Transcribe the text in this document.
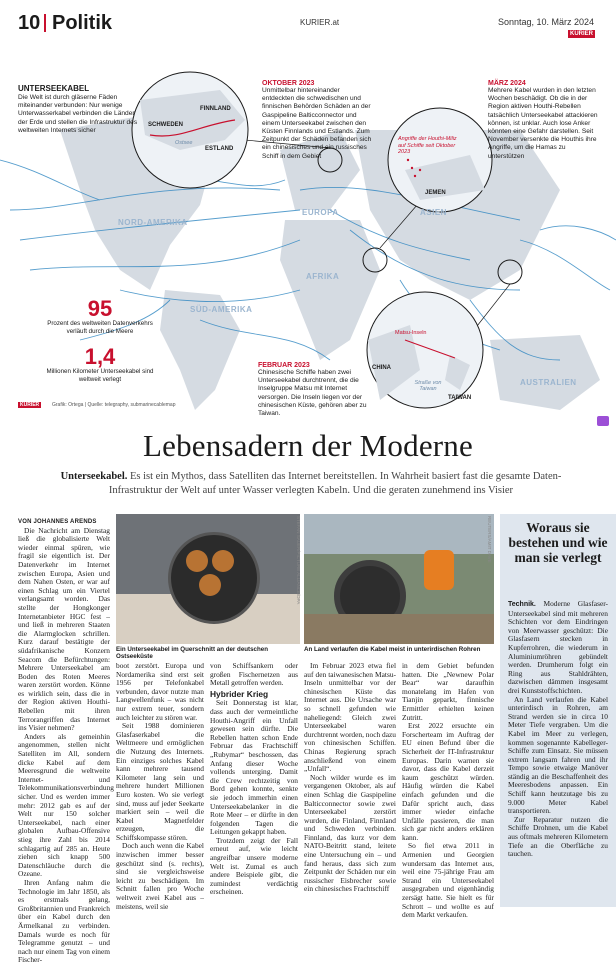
10 Politik	KURIER.at	Sonntag, 10. März 2024
KURIER
NORD-AMERIKA
SÜD-AMERIKA
EUROPA
AFRIKA
ASIEN
AUSTRALIEN
FINNLAND
SCHWEDEN
ESTLAND
Ostsee
JEMEN
Angriffe der Houthi-Miliz auf Schiffe seit Oktober 2023
CHINA
TAIWAN
Matsu-Inseln
Straße von Taiwan
UNTERSEEKABEL
Die Welt ist durch gläserne Fäden miteinander verbunden: Nur wenige Unterwasserkabel verbinden die Länder der Erde und stellen die Infrastruktur des weltweiten Internets sicher
OKTOBER 2023
Unmittelbar hintereinander entdeckten die schwedischen und finnischen Behörden Schäden an der Gaspipeline Balticconnector und einem Unterseekabel zwischen den Küsten Finnlands und Estlands. Zum Zeitpunkt der Schäden befanden sich ein chinesisches und ein russisches Schiff in dem Gebiet
MÄRZ 2024
Mehrere Kabel wurden in den letzten Wochen beschädigt. Ob die in der Region aktiven Houthi-Rebellen tatsächlich Unterseekabel attackieren können, ist unklar. Auch lose Anker könnten eine Gefahr darstellen. Seit November versenkte die Houthis ihre Angriffe, um die Hamas zu unterstützen
FEBRUAR 2023
Chinesische Schiffe haben zwei Unterseekabel durchtrennt, die die Inselgruppe Matsu mit Internet versorgen. Die Inseln liegen vor der chinesischen Küste, gehören aber zu Taiwan.
95
Prozent des weltweiten Datenverkehrs verläuft durch die Meere
1,4
Millionen Kilometer Unterseekabel sind weltweit verlegt
KURIER	Grafik: Ortega | Quelle: telegraphy, submarinecablemap
Lebensadern der Moderne
Unterseekabel. Es ist ein Mythos, dass Satelliten das Internet bereitstellen. In Wahrheit basiert fast die gesamte Daten-Infrastruktur der Welt auf unter Wasser verlegten Kabeln. Und die geraten zunehmend ins Visier
VON JOHANNES ARENDS

Die Nachricht am Dienstag ließ die globalisierte Welt wieder einmal spüren, wie fragil sie eigentlich ist. Der Datenverkehr im Internet zwischen Europa, Asien und dem Nahen Osten, er war auf einen Schlag um ein Viertel verlangsamt worden. Das stellte der Hongkonger Internetanbieter HGC fest – und ließ in mehreren Staaten die Alarmglocken schrillen. Kurz darauf bestätigte der südafrikanische Konzern Seacom die Befürchtungen: Mehrere Unterseekabel am Boden des Roten Meeres waren zerstört worden. Könne es wirklich sein, dass die in der Region aktiven Houthi-Rebellen mit ihren Terrorangriffen das Internet ins Visier nehmen?

Anders als gemeinhin angenommen, stellen nicht Satelliten im All, sondern dicke Kabel auf dem Meeresgrund die weltweite Internet- und Telekommunikationsverbindung sicher. Und es werden immer mehr: 2012 gab es auf der Welt nur 150 solcher Unterseekabel, nach einer globalen Aufbau-Offensive stieg ihre Zahl bis 2014 schlagartig auf 285 an. Heute ziehen sich knapp 500 Datenschläuche durch die Ozeane.

Ihren Anfang nahm die Technologie im Jahr 1850, als es erstmals gelang, Großbritannien und Frankreich über ein Kabel durch den Ärmelkanal zu verbinden. Damals wurde es noch für Telegramme genutzt – und nach nur einem Tag von einem Fischer-

Ein Unterseekabel im Querschnitt an der deutschen Ostseeküste
STEFAN SAUER/PICTURE ALLIANCE/DPA
An Land verlaufen die Kabel meist in unterirdischen Rohren
REUTERS/AMIT DAVE

boot zerstört. Europa und Nordamerika sind erst seit 1956 per Telefonkabel verbunden, davor nutzte man Langwellenfunk – was nicht nur extrem teuer, sondern auch leichter zu stören war.

Seit 1988 dominieren Glasfaserkabel die Weltmeere und ermöglichen die Nutzung des Internets. Ein einziges solches Kabel kann mehrere tausend Kilometer lang sein und mehrere hundert Millionen Euro kosten. Wo sie verlegt sind, muss auf jeder Seekarte markiert sein – weil die Kabel Magnetfelder erzeugen, die Schiffskompasse stören.

Doch auch wenn die Kabel inzwischen immer besser geschützt sind (s. rechts), sind sie vergleichsweise leicht zu beschädigen. Im Schnitt fallen pro Woche weltweit zwei Kabel aus – meistens, weil sie

von Schiffsankern oder großen Fischernetzen aus Metall getroffen werden.

Hybrider Krieg

Seit Donnerstag ist klar, dass auch der vermeintliche Houthi-Angriff ein Unfall gewesen sein dürfte. Die Rebellen hatten schon Ende Februar das Frachtschiff „Rubymar“ beschossen, das Anfang dieser Woche vollends unterging. Damit die Crew rechtzeitig von Bord gehen konnte, senkte sie jedoch immerhin einen Unterseekabelanker in die Rote Meer – er dürfte in den folgenden Tagen die Leitungen gekappt haben.

Trotzdem zeigt der Fall erneut auf, wie leicht angreifbar unsere moderne Welt ist. Zumal es auch andere Beispiele gibt, die zumindest verdächtig erscheinen.

Im Februar 2023 etwa fiel auf den taiwanesischen Matsu-Inseln unmittelbar vor der chinesischen Küste das Internet aus. Die Ursache war so schnell gefunden wie naheliegend: Gleich zwei Unterseekabel waren durchtrennt worden, noch dazu von chinesischen Schiffen. Chinas Regierung sprach anschließend von einem „Unfall“.

Noch wilder wurde es im vergangenen Oktober, als auf einen Schlag die Gaspipeline Balticconnector sowie zwei Unterseekabel zerstört wurden, die Finland, Finnland und Schweden verbinden. Finnland, das kurz vor dem NATO-Beitritt stand, leitete eine Untersuchung ein – und fand heraus, dass sich zum Zeitpunkt der Schäden nur ein russischer Eisbrecher sowie ein chinesisches Frachtschiff

in dem Gebiet befunden hatten. Die „Newnew Polar Bear“ war daraufhin monatelang im Hafen von Tianjin geparkt, finnische Ermittler erhielten keinen Zutritt.

Erst 2022 ersuchte ein Forscherteam im Auftrag der EU einen Befund über die Sicherheit der IT-Infrastruktur Europas. Darin warnen sie davor, dass die Kabel derzeit kaum geschützt würden. Häufig würden die Kabel einfach gefunden und die Dafür spricht auch, dass immer wieder einfache Unfälle passieren, die man sich gar nicht anders erklären kann.

So fiel etwa 2011 in Armenien und Georgien wundersam das Internet aus, weil eine 75-jährige Frau am Strand ein Unterseekabel ausgegraben und eigenhändig zersägt hatte. Sie hielt es für Schrott – und wollte es auf dem Markt verkaufen.

Woraus sie bestehen und wie man sie verlegt

Technik. Moderne Glasfaser-Unterseekabel sind mit mehreren Schichten vor dem Eindringen von Meerwasser geschützt: Die Glasfasern stecken in Kupferrohren, die wiederum in Aluminiumröhren gebündelt werden. Drumherum folgt ein Ring aus Stahldrähten, dazwischen dämmen insgesamt drei Kunststoffschichten.

An Land verlaufen die Kabel unterirdisch in Rohren, am Strand werden sie in circa 10 Meter Tiefe vergraben. Um die Kabel im Meer zu verlegen, kommen sogenannte Kabelleger-Schiffe zum Einsatz. Sie müssen extrem langsam fahren und ihr Tempo sowie etwaige Manöver ständig an die Beschaffenheit des Meeresbodens anpassen. Ein Schiff kann heutzutage bis zu 9.000 Meter Kabel transportieren.

Zur Reparatur nutzen die Schiffe Drohnen, um die Kabel aus oftmals mehreren Kilometern Tiefe an die Oberfläche zu tauchen.
